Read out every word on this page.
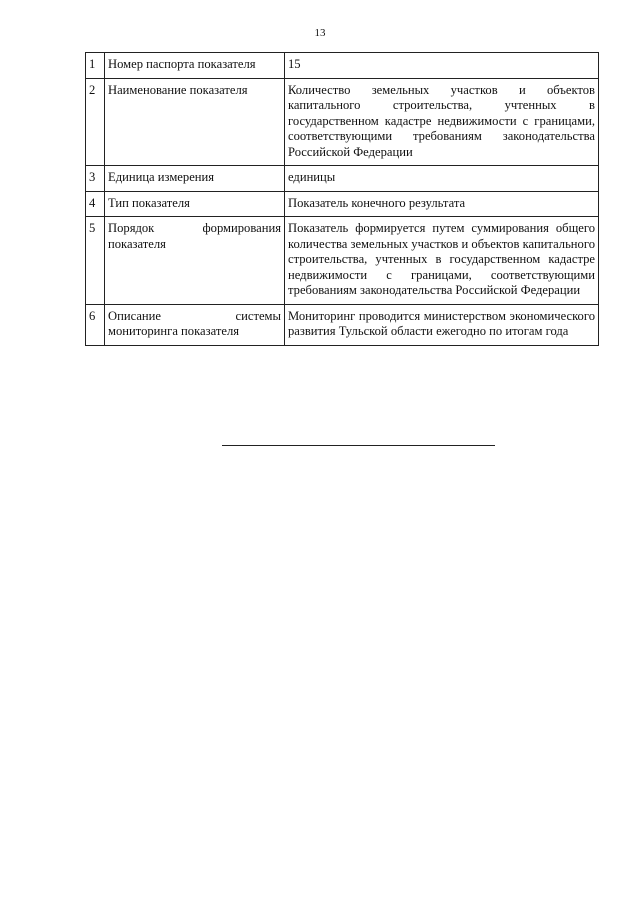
13
1	Номер паспорта показателя	15
2	Наименование показателя	Количество земельных участков и объектов капитального строительства, учтенных в государственном кадастре недвижимости с границами, соответствующими требованиям законодательства Российской Федерации
3	Единица измерения	единицы
4	Тип показателя	Показатель конечного результата
5	Порядок формирования показателя	Показатель формируется путем суммирования общего количества земельных участков и объектов капитального строительства, учтенных в государственном кадастре недвижимости с границами, соответствующими требованиям законодательства Российской Федерации
6	Описание системы мониторинга показателя	Мониторинг проводится министерством экономического развития Тульской области ежегодно по итогам года
